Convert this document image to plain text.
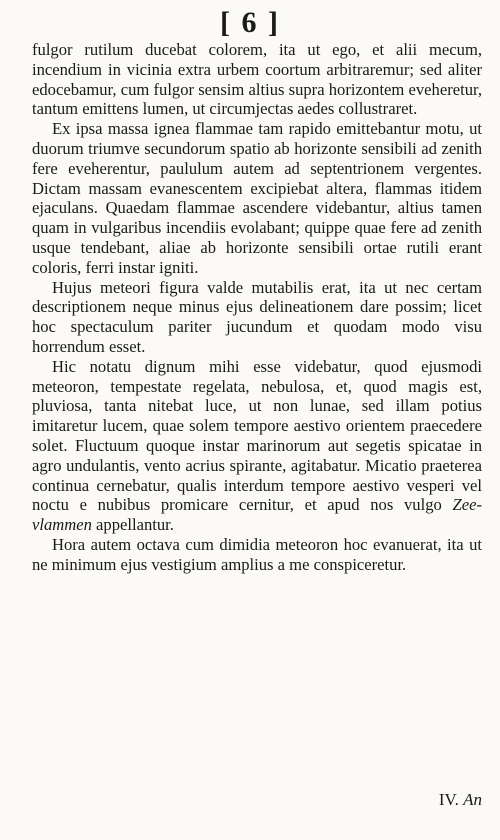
[ 6 ]

fulgor rutilum ducebat colorem, ita ut ego, et alii mecum, incendium in vicinia extra urbem coortum arbitraremur; sed aliter edocebamur, cum fulgor sensim altius supra horizontem eveheretur, tantum emittens lumen, ut circumjectas aedes collustraret.

Ex ipsa massa ignea flammae tam rapido emittebantur motu, ut duorum triumve secundorum spatio ab horizonte sensibili ad zenith fere eveherentur, paululum autem ad septentrionem vergentes. Dictam massam evanescentem excipiebat altera, flammas itidem ejaculans. Quaedam flammae ascendere videbantur, altius tamen quam in vulgaribus incendiis evolabant; quippe quae fere ad zenith usque tendebant, aliae ab horizonte sensibili ortae rutili erant coloris, ferri instar igniti.

Hujus meteori figura valde mutabilis erat, ita ut nec certam descriptionem neque minus ejus delineationem dare possim; licet hoc spectaculum pariter jucundum et quodam modo visu horrendum esset.

Hic notatu dignum mihi esse videbatur, quod ejusmodi meteoron, tempestate regelata, nebulosa, et, quod magis est, pluviosa, tanta nitebat luce, ut non lunae, sed illam potius imitaretur lucem, quae solem tempore aestivo orientem praecedere solet. Fluctuum quoque instar marinorum aut segetis spicatae in agro undulantis, vento acrius spirante, agitabatur. Micatio praeterea continua cernebatur, qualis interdum tempore aestivo vesperi vel noctu e nubibus promicare cernitur, et apud nos vulgo Zee-vlammen appellantur.

Hora autem octava cum dimidia meteoron hoc evanuerat, ita ut ne minimum ejus vestigium amplius a me conspiceretur.

IV. An
